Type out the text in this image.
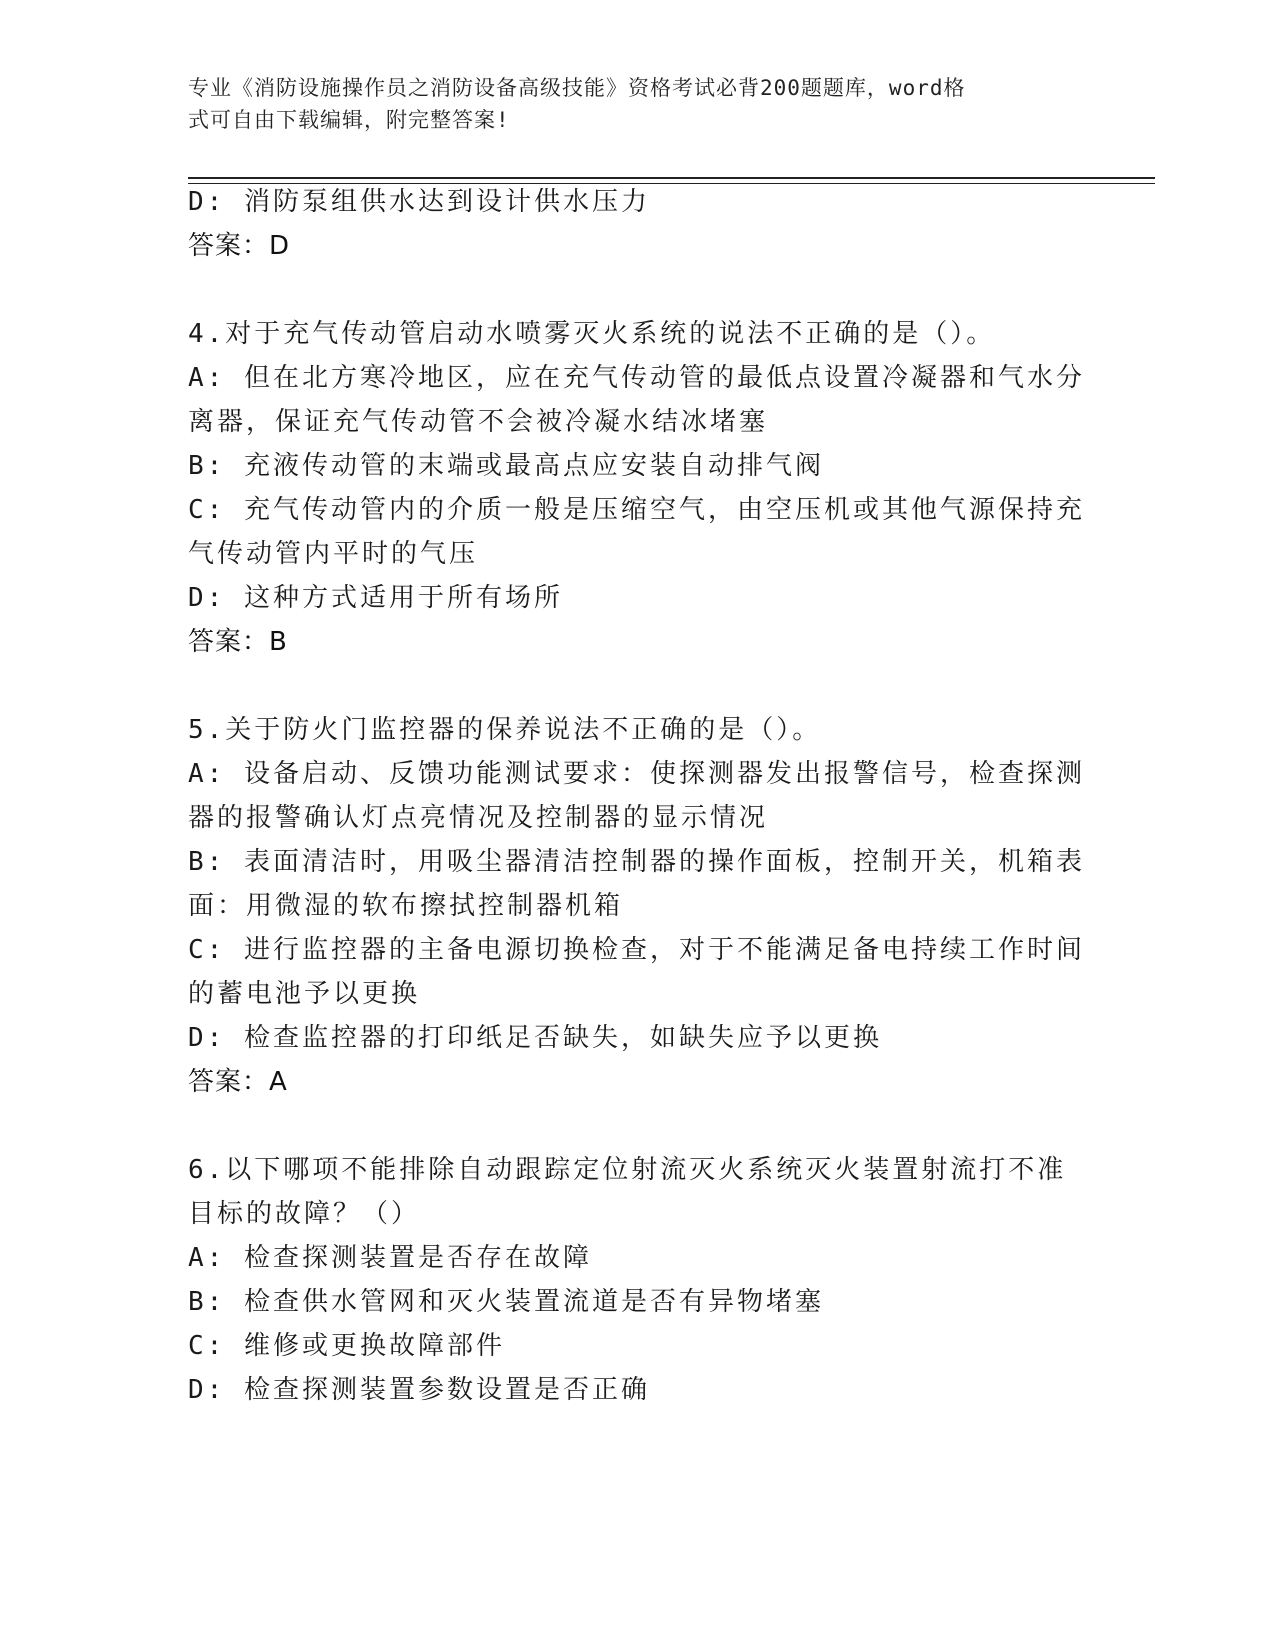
专业《消防设施操作员之消防设备高级技能》资格考试必背200题题库，word格
式可自由下载编辑，附完整答案!
D: 消防泵组供水达到设计供水压力
答案：D
4.对于充气传动管启动水喷雾灭火系统的说法不正确的是（）。
A: 但在北方寒冷地区，应在充气传动管的最低点设置冷凝器和气水分
离器，保证充气传动管不会被冷凝水结冰堵塞
B: 充液传动管的末端或最高点应安装自动排气阀
C: 充气传动管内的介质一般是压缩空气，由空压机或其他气源保持充
气传动管内平时的气压
D: 这种方式适用于所有场所
答案：B
5.关于防火门监控器的保养说法不正确的是（）。
A: 设备启动、反馈功能测试要求：使探测器发出报警信号，检查探测
器的报警确认灯点亮情况及控制器的显示情况
B: 表面清洁时，用吸尘器清洁控制器的操作面板，控制开关，机箱表
面：用微湿的软布擦拭控制器机箱
C: 进行监控器的主备电源切换检查，对于不能满足备电持续工作时间
的蓄电池予以更换
D: 检查监控器的打印纸足否缺失，如缺失应予以更换
答案：A
6.以下哪项不能排除自动跟踪定位射流灭火系统灭火装置射流打不准
目标的故障？（）
A: 检查探测装置是否存在故障
B: 检查供水管网和灭火装置流道是否有异物堵塞
C: 维修或更换故障部件
D: 检查探测装置参数设置是否正确
